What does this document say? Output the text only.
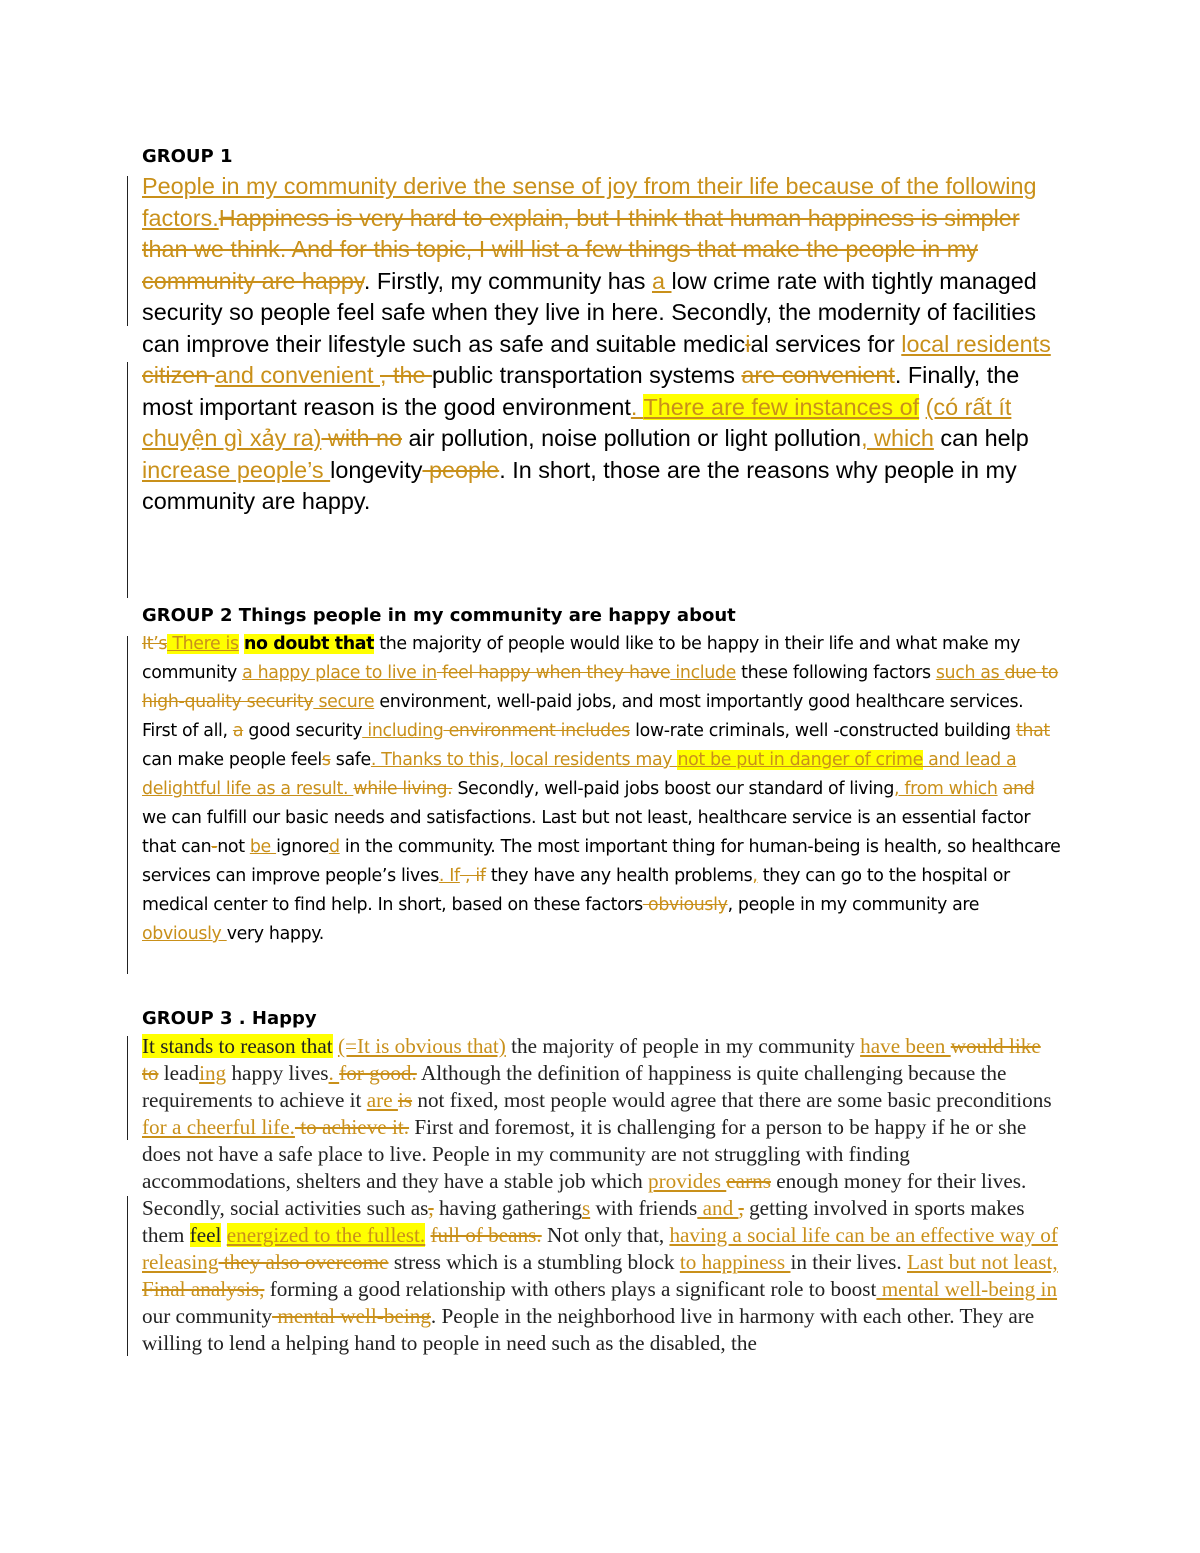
GROUP 1

People in my community derive the sense of joy from their life because of the following factors.Happiness is very hard to explain, but I think that human happiness is simpler than we think. And for this topic, I will list a few things that make the people in my community are happy. Firstly, my community has a low crime rate with tightly managed security so people feel safe when they live in here. Secondly, the modernity of facilities can improve their lifestyle such as safe and suitable medicial services for local residents citizen and convenient , the public transportation systems are convenient. Finally, the most important reason is the good environment. There are few instances of (có rất ít chuyện gì xảy ra) with no air pollution, noise pollution or light pollution, which can help increase people’s longevity people. In short, those are the reasons why people in my community are happy.

GROUP 2 Things people in my community are happy about

It’s There is no doubt that the majority of people would like to be happy in their life and what make my community a happy place to live in feel happy when they have include these following factors such as due to high-quality security secure environment, well-paid jobs, and most importantly good healthcare services. First of all, a good security including environment includes low-rate criminals, well -constructed building that can make people feels safe. Thanks to this, local residents may not be put in danger of crime and lead a delightful life as a result. while living. Secondly, well-paid jobs boost our standard of living, from which and we can fulfill our basic needs and satisfactions. Last but not least, healthcare service is an essential factor that can-not be ignored in the community. The most important thing for human-being is health, so healthcare services can improve people’s lives. If , if they have any health problems, they can go to the hospital or medical center to find help. In short, based on these factors obviously, people in my community are obviously very happy.

GROUP 3 . Happy

It stands to reason that (=It is obvious that) the majority of people in my community have been would like to leading happy lives. for good. Although the definition of happiness is quite challenging because the requirements to achieve it are is not fixed, most people would agree that there are some basic preconditions for a cheerful life. to achieve it. First and foremost, it is challenging for a person to be happy if he or she does not have a safe place to live. People in my community are not struggling with finding accommodations, shelters and they have a stable job which provides earns enough money for their lives. Secondly, social activities such as, having gatherings with friends and , getting involved in sports makes them feel energized to the fullest. full of beans. Not only that, having a social life can be an effective way of releasing they also overcome stress which is a stumbling block to happiness in their lives. Last but not least, Final analysis, forming a good relationship with others plays a significant role to boost mental well-being in our community mental well-being. People in the neighborhood live in harmony with each other. They are willing to lend a helping hand to people in need such as the disabled, the
